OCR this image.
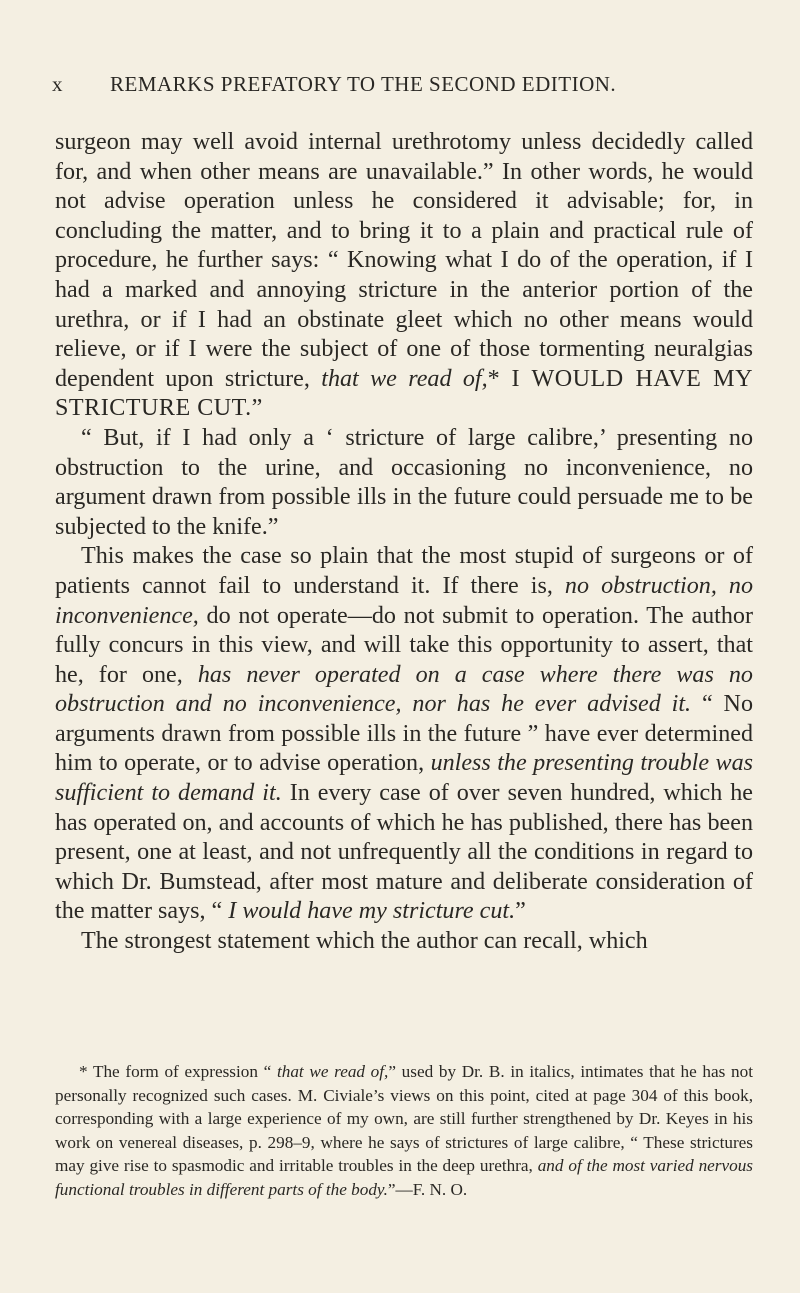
x REMARKS PREFATORY TO THE SECOND EDITION.

surgeon may well avoid internal urethrotomy unless decidedly called for, and when other means are unavailable.” In other words, he would not advise operation unless he considered it advisable; for, in concluding the matter, and to bring it to a plain and practical rule of procedure, he further says: “ Knowing what I do of the operation, if I had a marked and annoying stricture in the anterior portion of the urethra, or if I had an obstinate gleet which no other means would relieve, or if I were the subject of one of those tormenting neuralgias dependent upon stricture, that we read of,* I WOULD HAVE MY STRICTURE CUT.”

“ But, if I had only a ‘ stricture of large calibre,’ presenting no obstruction to the urine, and occasioning no inconvenience, no argument drawn from possible ills in the future could persuade me to be subjected to the knife.”

This makes the case so plain that the most stupid of surgeons or of patients cannot fail to understand it. If there is, no obstruction, no inconvenience, do not operate—do not submit to operation. The author fully concurs in this view, and will take this opportunity to assert, that he, for one, has never operated on a case where there was no obstruction and no inconvenience, nor has he ever advised it. “ No arguments drawn from possible ills in the future ” have ever determined him to operate, or to advise operation, unless the presenting trouble was sufficient to demand it. In every case of over seven hundred, which he has operated on, and accounts of which he has published, there has been present, one at least, and not unfrequently all the conditions in regard to which Dr. Bumstead, after most mature and deliberate consideration of the matter says, “ I would have my stricture cut.”

The strongest statement which the author can recall, which

* The form of expression “ that we read of,” used by Dr. B. in italics, intimates that he has not personally recognized such cases. M. Civiale’s views on this point, cited at page 304 of this book, corresponding with a large experience of my own, are still further strengthened by Dr. Keyes in his work on venereal diseases, p. 298–9, where he says of strictures of large calibre, “ These strictures may give rise to spasmodic and irritable troubles in the deep urethra, and of the most varied nervous functional troubles in different parts of the body.”—F. N. O.
